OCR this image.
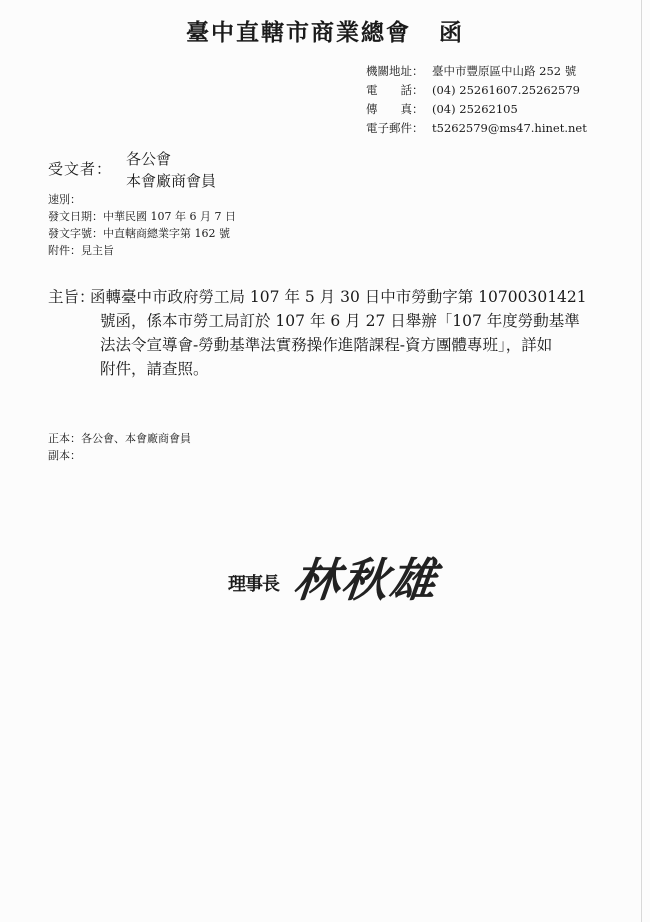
臺中直轄市商業總會 函
機關地址： 臺中市豐原區中山路 252 號
電　　話： (04) 25261607.25262579
傳　　真： (04) 25262105
電子郵件： t5262579@ms47.hinet.net
受文者：
各公會
本會廠商會員
速別：
發文日期：中華民國 107 年 6 月 7 日
發文字號：中直轄商總業字第 162 號
附件：見主旨
主旨：
函轉臺中市政府勞工局 107 年 5 月 30 日中市勞動字第 10700301421
號函，係本市勞工局訂於 107 年 6 月 27 日舉辦「107 年度勞動基準
法法令宣導會-勞動基準法實務操作進階課程-資方團體專班」，詳如
附件，請查照。
正本：各公會、本會廠商會員
副本：
理事長 林秋雄
